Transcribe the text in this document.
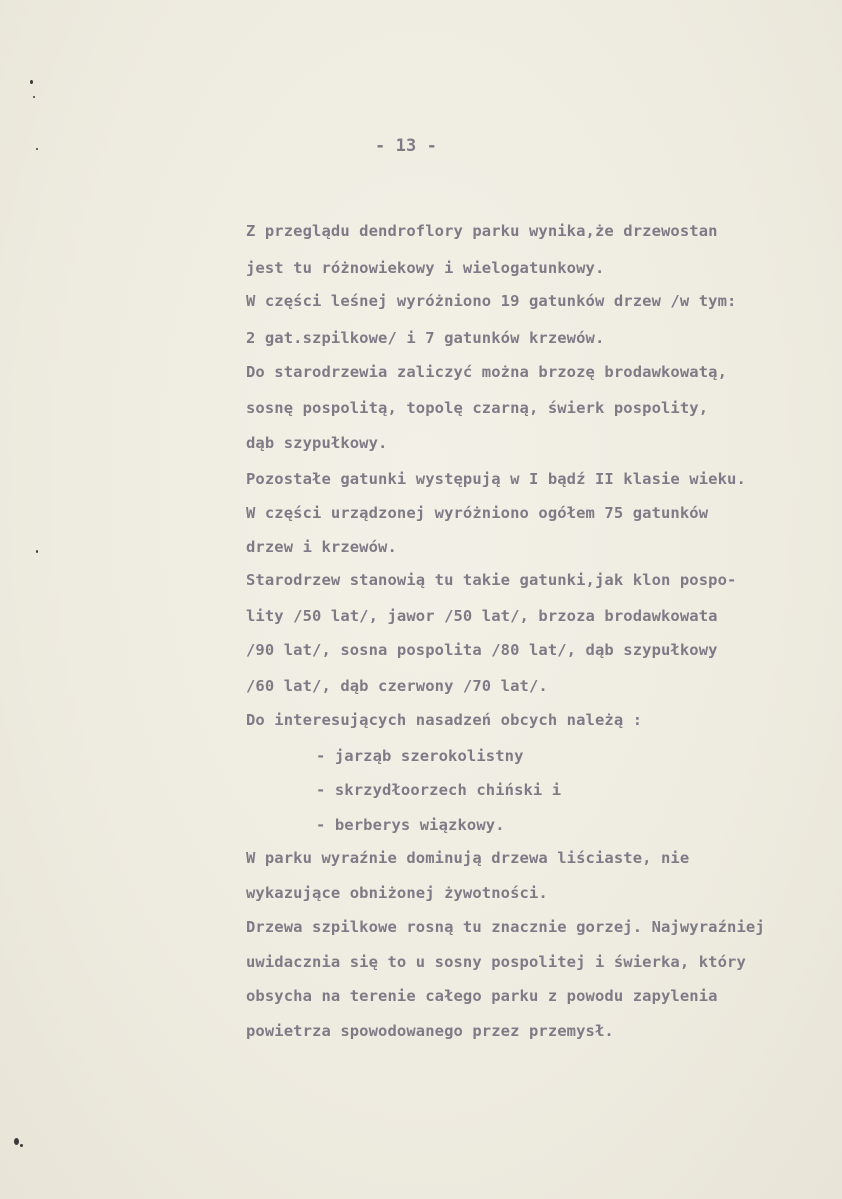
- 13 -
Z przeglądu dendroflory parku wynika,że drzewostan
jest tu różnowiekowy i wielogatunkowy.
W części leśnej wyróżniono 19 gatunków drzew /w tym:
2 gat.szpilkowe/ i 7 gatunków krzewów.
Do starodrzewia zaliczyć można brzozę brodawkowatą,
sosnę pospolitą, topolę czarną, świerk pospolity,
dąb szypułkowy.
Pozostałe gatunki występują w I bądź II klasie wieku.
W części urządzonej wyróżniono ogółem 75 gatunków
drzew i krzewów.
Starodrzew stanowią tu takie gatunki,jak klon pospo-
lity /50 lat/, jawor /50 lat/, brzoza brodawkowata
/90 lat/, sosna pospolita /80 lat/, dąb szypułkowy
/60 lat/, dąb czerwony /70 lat/.
Do interesujących nasadzeń obcych należą :
- jarząb szerokolistny
- skrzydłoorzech chiński i
- berberys wiązkowy.
W parku wyraźnie dominują drzewa liściaste, nie
wykazujące obniżonej żywotności.
Drzewa szpilkowe rosną tu znacznie gorzej. Najwyraźniej
uwidacznia się to u sosny pospolitej i świerka, który
obsycha na terenie całego parku z powodu zapylenia
powietrza spowodowanego przez przemysł.
